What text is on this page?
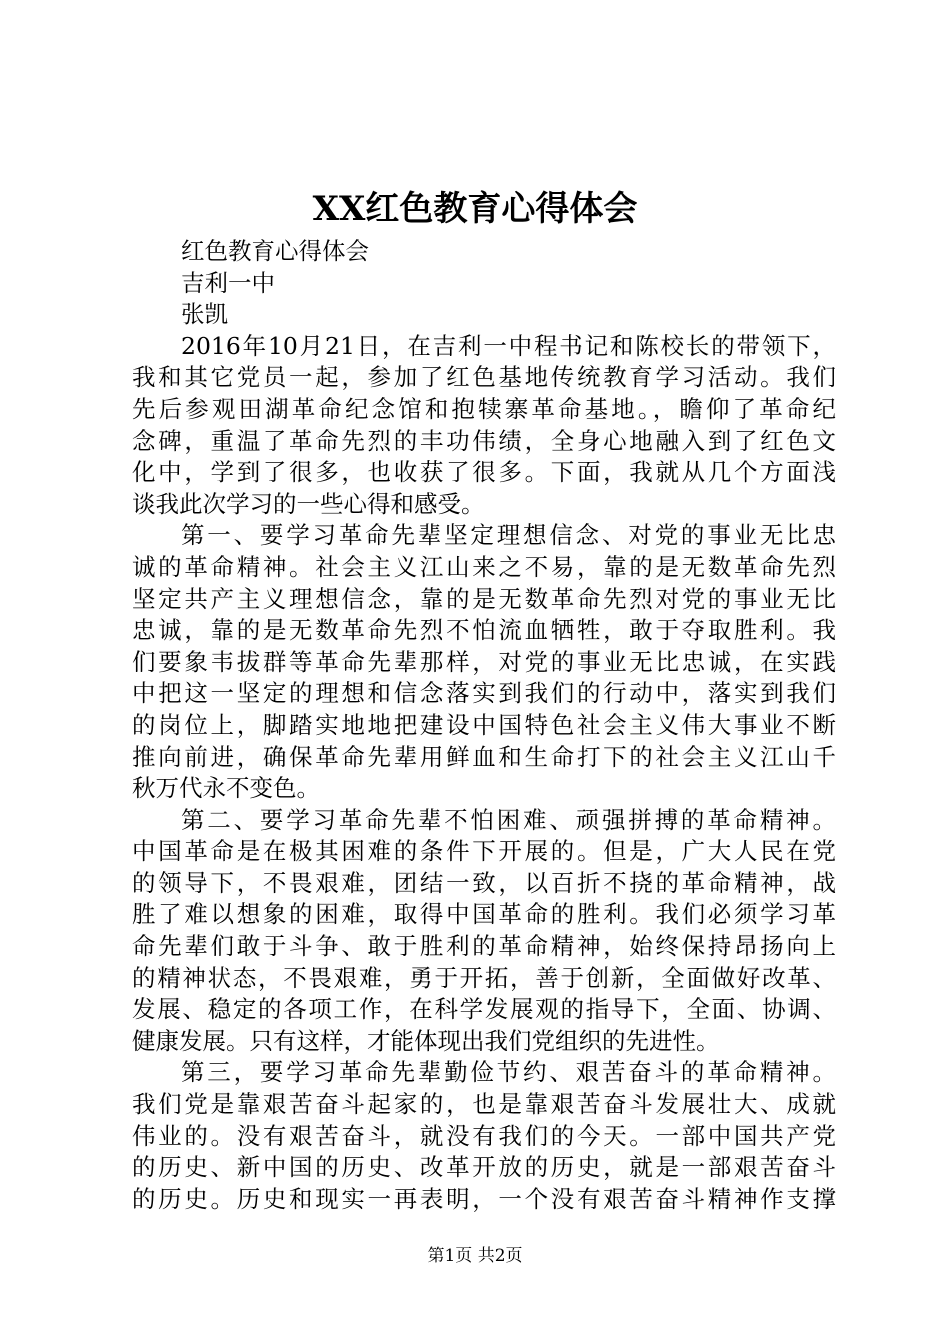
XX红色教育心得体会
红色教育心得体会
吉利一中
张凯
2016年10月21日，在吉利一中程书记和陈校长的带领下，
我和其它党员一起，参加了红色基地传统教育学习活动。我们
先后参观田湖革命纪念馆和抱犊寨革命基地。，瞻仰了革命纪
念碑，重温了革命先烈的丰功伟绩，全身心地融入到了红色文
化中，学到了很多，也收获了很多。下面，我就从几个方面浅
谈我此次学习的一些心得和感受。
第一、要学习革命先辈坚定理想信念、对党的事业无比忠
诚的革命精神。社会主义江山来之不易，靠的是无数革命先烈
坚定共产主义理想信念，靠的是无数革命先烈对党的事业无比
忠诚，靠的是无数革命先烈不怕流血牺牲，敢于夺取胜利。我
们要象韦拔群等革命先辈那样，对党的事业无比忠诚，在实践
中把这一坚定的理想和信念落实到我们的行动中，落实到我们
的岗位上，脚踏实地地把建设中国特色社会主义伟大事业不断
推向前进，确保革命先辈用鲜血和生命打下的社会主义江山千
秋万代永不变色。
第二、要学习革命先辈不怕困难、顽强拼搏的革命精神。
中国革命是在极其困难的条件下开展的。但是，广大人民在党
的领导下，不畏艰难，团结一致，以百折不挠的革命精神，战
胜了难以想象的困难，取得中国革命的胜利。我们必须学习革
命先辈们敢于斗争、敢于胜利的革命精神，始终保持昂扬向上
的精神状态，不畏艰难，勇于开拓，善于创新，全面做好改革、
发展、稳定的各项工作，在科学发展观的指导下，全面、协调、
健康发展。只有这样，才能体现出我们党组织的先进性。
第三，要学习革命先辈勤俭节约、艰苦奋斗的革命精神。
我们党是靠艰苦奋斗起家的，也是靠艰苦奋斗发展壮大、成就
伟业的。没有艰苦奋斗，就没有我们的今天。一部中国共产党
的历史、新中国的历史、改革开放的历史，就是一部艰苦奋斗
的历史。历史和现实一再表明，一个没有艰苦奋斗精神作支撑
第1页 共2页
